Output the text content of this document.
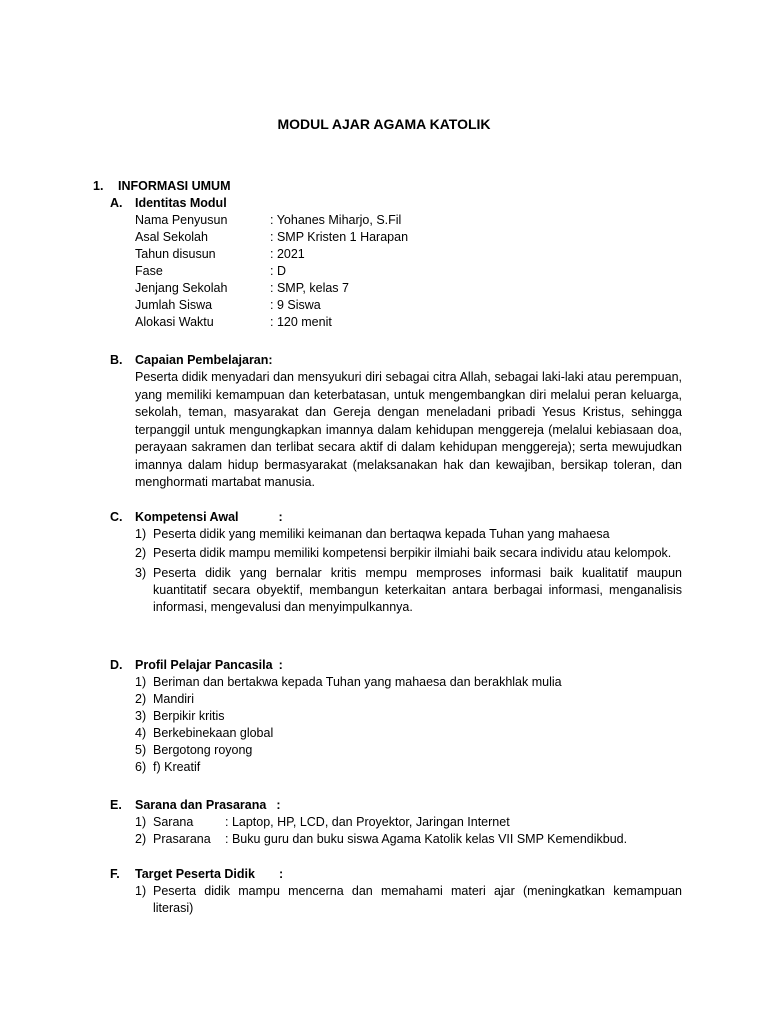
MODUL AJAR AGAMA KATOLIK
1.	INFORMASI UMUM
A.	Identitas Modul
Nama Penyusun	: Yohanes Miharjo, S.Fil
Asal Sekolah	: SMP Kristen 1 Harapan
Tahun disusun	: 2021
Fase	: D
Jenjang Sekolah	: SMP, kelas 7
Jumlah Siswa	: 9 Siswa
Alokasi Waktu	: 120 menit
B.	Capaian Pembelajaran:
Peserta didik menyadari dan mensyukuri diri sebagai citra Allah, sebagai laki-laki atau perempuan, yang memiliki kemampuan dan keterbatasan, untuk mengembangkan diri melalui peran keluarga, sekolah, teman, masyarakat dan Gereja dengan meneladani pribadi Yesus Kristus, sehingga terpanggil untuk mengungkapkan imannya dalam kehidupan menggereja (melalui kebiasaan doa, perayaan sakramen dan terlibat secara aktif di dalam kehidupan menggereja); serta mewujudkan imannya dalam hidup bermasyarakat (melaksanakan hak dan kewajiban, bersikap toleran, dan menghormati martabat manusia.
C.	Kompetensi Awal	:
1) Peserta didik yang memiliki keimanan dan bertaqwa kepada Tuhan yang mahaesa
2) Peserta didik mampu memiliki kompetensi berpikir ilmiahi baik secara individu atau kelompok.
3) Peserta didik yang bernalar kritis mempu memproses informasi baik kualitatif maupun kuantitatif secara obyektif, membangun keterkaitan antara berbagai informasi, menganalisis informasi, mengevalusi dan menyimpulkannya.
D.	Profil Pelajar Pancasila :
1) Beriman dan bertakwa kepada Tuhan yang mahaesa dan berakhlak mulia
2) Mandiri
3) Berpikir kritis
4) Berkebinekaan global
5) Bergotong royong
6) f) Kreatif
E.	Sarana dan Prasarana :
1) Sarana	: Laptop, HP, LCD, dan Proyektor, Jaringan Internet
2) Prasarana : Buku guru dan buku siswa Agama Katolik kelas VII SMP Kemendikbud.
F.	Target Peserta Didik :
1) Peserta didik mampu mencerna dan memahami materi ajar (meningkatkan kemampuan literasi)
